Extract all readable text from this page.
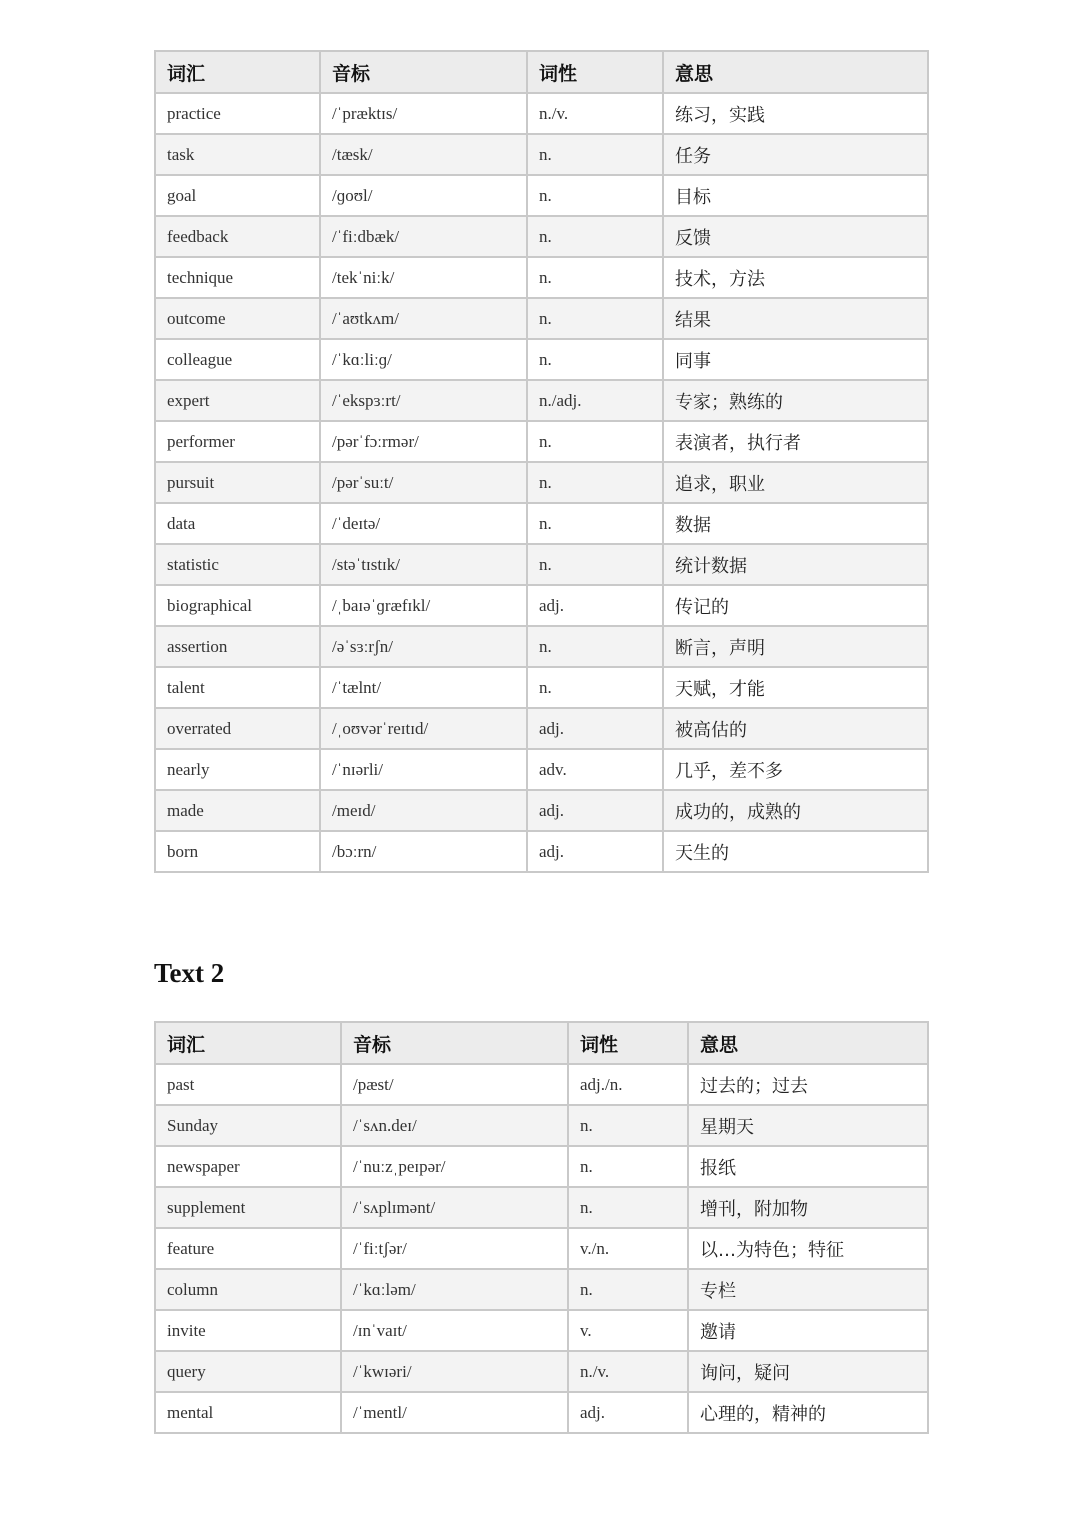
词汇	音标	词性	意思
practice	/ˈpræktɪs/	n./v.	练习，实践
task	/tæsk/	n.	任务
goal	/ɡoʊl/	n.	目标
feedback	/ˈfiːdbæk/	n.	反馈
technique	/tekˈniːk/	n.	技术，方法
outcome	/ˈaʊtkʌm/	n.	结果
colleague	/ˈkɑːliːɡ/	n.	同事
expert	/ˈekspɜːrt/	n./adj.	专家；熟练的
performer	/pərˈfɔːrmər/	n.	表演者，执行者
pursuit	/pərˈsuːt/	n.	追求，职业
data	/ˈdeɪtə/	n.	数据
statistic	/stəˈtɪstɪk/	n.	统计数据
biographical	/ˌbaɪəˈɡræfɪkl/	adj.	传记的
assertion	/əˈsɜːrʃn/	n.	断言，声明
talent	/ˈtælnt/	n.	天赋，才能
overrated	/ˌoʊvərˈreɪtɪd/	adj.	被高估的
nearly	/ˈnɪərli/	adv.	几乎，差不多
made	/meɪd/	adj.	成功的，成熟的
born	/bɔːrn/	adj.	天生的
Text 2
词汇	音标	词性	意思
past	/pæst/	adj./n.	过去的；过去
Sunday	/ˈsʌn.deɪ/	n.	星期天
newspaper	/ˈnuːzˌpeɪpər/	n.	报纸
supplement	/ˈsʌplɪmənt/	n.	增刊，附加物
feature	/ˈfiːtʃər/	v./n.	以…为特色；特征
column	/ˈkɑːləm/	n.	专栏
invite	/ɪnˈvaɪt/	v.	邀请
query	/ˈkwɪəri/	n./v.	询问，疑问
mental	/ˈmentl/	adj.	心理的，精神的
